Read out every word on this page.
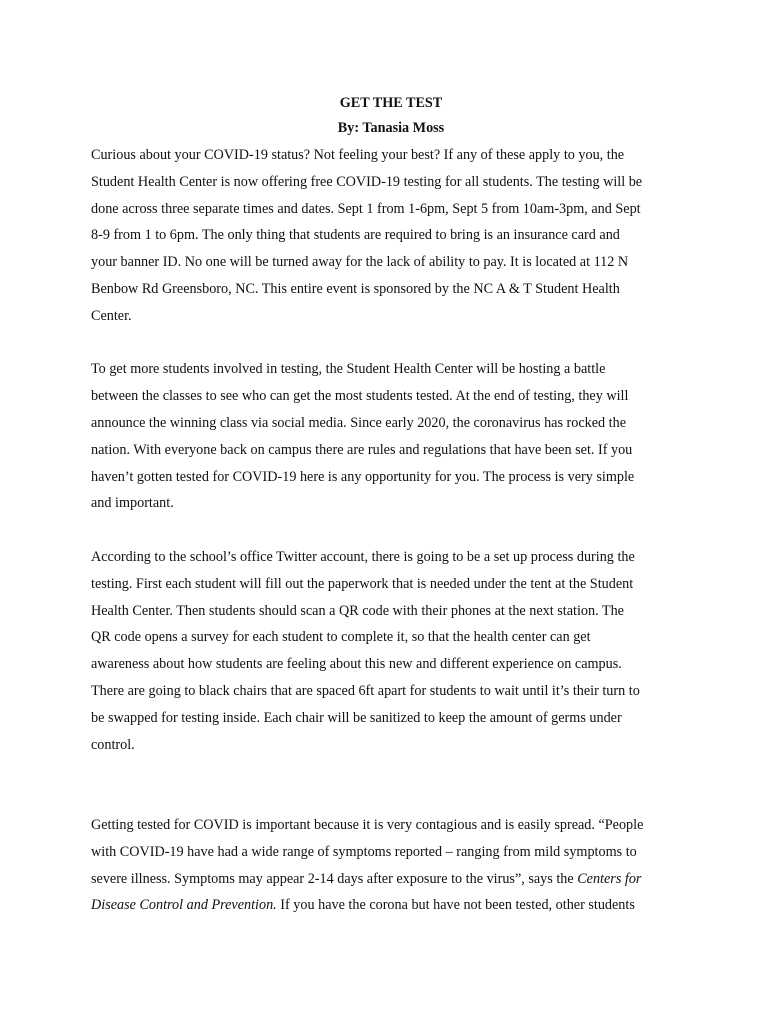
GET THE TEST
By: Tanasia Moss
Curious about your COVID-19 status? Not feeling your best? If any of these apply to you, the
Student Health Center is now offering free COVID-19 testing for all students. The testing will be
done across three separate times and dates. Sept 1 from 1-6pm, Sept 5 from 10am-3pm, and Sept
8-9 from 1 to 6pm. The only thing that students are required to bring is an insurance card and
your banner ID. No one will be turned away for the lack of ability to pay. It is located at 112 N
Benbow Rd Greensboro, NC. This entire event is sponsored by the NC A & T Student Health
Center.
To get more students involved in testing, the Student Health Center will be hosting a battle
between the classes to see who can get the most students tested. At the end of testing, they will
announce the winning class via social media. Since early 2020, the coronavirus has rocked the
nation. With everyone back on campus there are rules and regulations that have been set. If you
haven’t gotten tested for COVID-19 here is any opportunity for you. The process is very simple
and important.
According to the school’s office Twitter account, there is going to be a set up process during the
testing. First each student will fill out the paperwork that is needed under the tent at the Student
Health Center. Then students should scan a QR code with their phones at the next station. The
QR code opens a survey for each student to complete it, so that the health center can get
awareness about how students are feeling about this new and different experience on campus.
There are going to black chairs that are spaced 6ft apart for students to wait until it’s their turn to
be swapped for testing inside. Each chair will be sanitized to keep the amount of germs under
control.
Getting tested for COVID is important because it is very contagious and is easily spread. “People
with COVID-19 have had a wide range of symptoms reported – ranging from mild symptoms to
severe illness. Symptoms may appear 2-14 days after exposure to the virus”, says the Centers for
Disease Control and Prevention. If you have the corona but have not been tested, other students
